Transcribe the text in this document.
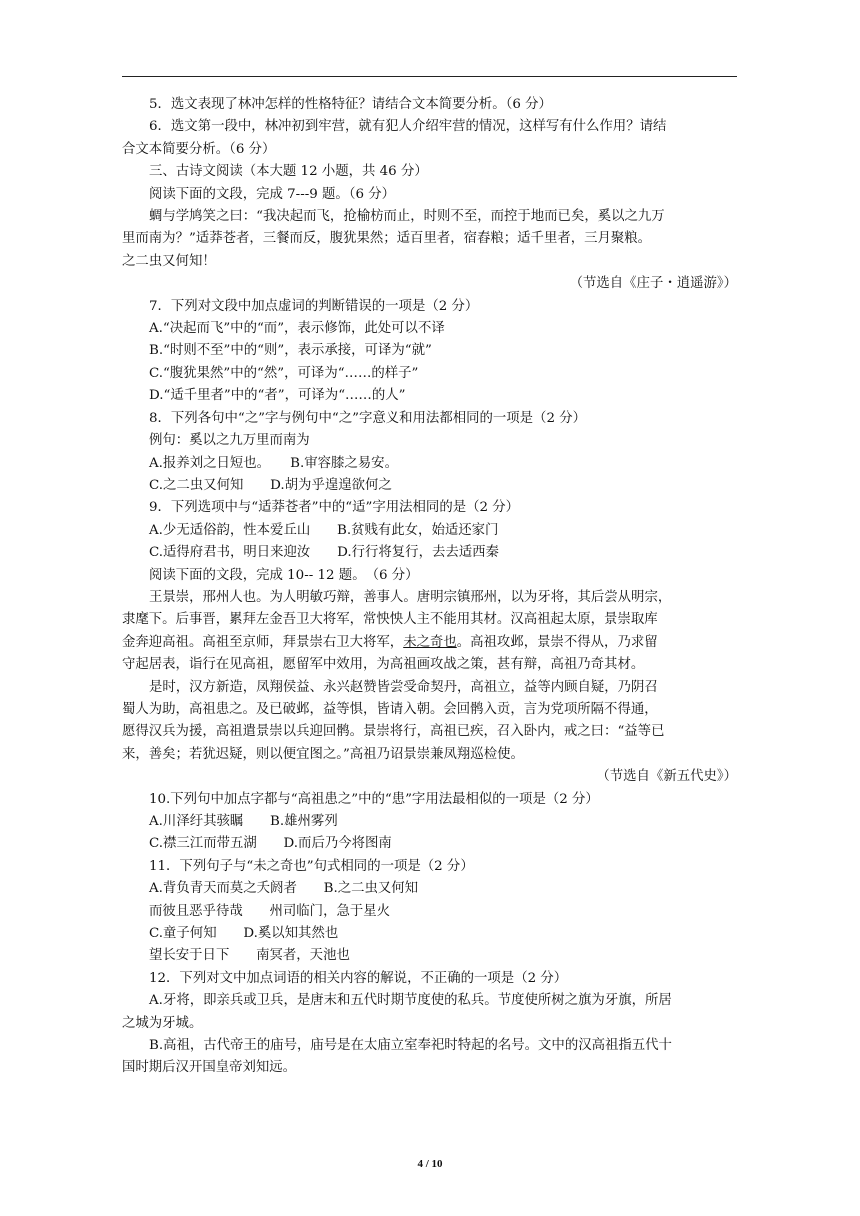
5．选文表现了林冲怎样的性格特征？请结合文本简要分析。（6 分）
6．选文第一段中，林冲初到牢营，就有犯人介绍牢营的情况，这样写有什么作用？请结
合文本简要分析。（6 分）
三、古诗文阅读（本大题 12 小题，共 46 分）
阅读下面的文段，完成 7---9 题。（6 分）
蜩与学鸠笑之曰：“我决起而飞，抢榆枋而止，时则不至，而控于地而已矣，奚以之九万
里而南为？”适莽苍者，三餐而反，腹犹果然；适百里者，宿舂粮；适千里者，三月聚粮。
之二虫又何知！
（节选自《庄子・逍遥游》）
7．下列对文段中加点虚词的判断错误的一项是（2 分）
A.“决起而飞”中的“而”，表示修饰，此处可以不译
B.“时则不至”中的“则”，表示承接，可译为“就”
C.“腹犹果然”中的“然”，可译为“……的样子”
D.“适千里者”中的“者”，可译为“……的人”
8．下列各句中“之”字与例句中“之”字意义和用法都相同的一项是（2 分）
例句：奚以之九万里而南为
A.报养刘之日短也。　　B.审容膝之易安。
C.之二虫又何知　　D.胡为乎遑遑欲何之
9．下列选项中与“适莽苍者”中的“适”字用法相同的是（2 分）
A.少无适俗韵，性本爱丘山　　B.贫贱有此女，始适还家门
C.适得府君书，明日来迎汝　　D.行行将复行，去去适西秦
阅读下面的文段，完成 10-- 12 题。　（6 分）
王景崇，邢州人也。为人明敏巧辩，善事人。唐明宗镇邢州，以为牙将，其后尝从明宗，
隶麾下。后事晋，累拜左金吾卫大将军，常怏怏人主不能用其材。汉高祖起太原，景崇取库
金奔迎高祖。高祖至京师，拜景崇右卫大将军，未之奇也。高祖攻邺，景崇不得从，乃求留
守起居表，诣行在见高祖，愿留军中效用，为高祖画攻战之策，甚有辩，高祖乃奇其材。
是时，汉方新造，凤翔侯益、永兴赵赞皆尝受命契丹，高祖立，益等内顾自疑，乃阴召
蜀人为助，高祖患之。及已破邺，益等惧，皆请入朝。会回鹘入贡，言为党项所隔不得通，
愿得汉兵为援，高祖遣景崇以兵迎回鹘。景崇将行，高祖已疾，召入卧内，戒之曰：“益等已
来，善矣；若犹迟疑，则以便宜图之。”高祖乃诏景崇兼凤翔巡检使。
（节选自《新五代史》）
10.下列句中加点字都与“高祖患之”中的“患”字用法最相似的一项是（2 分）
A.川泽纡其骇瞩　　B.雄州雾列
C.襟三江而带五湖　　D.而后乃今将图南
11．下列句子与“未之奇也”句式相同的一项是（2 分）
A.背负青天而莫之夭阏者　　B.之二虫又何知
而彼且恶乎待哉　　州司临门，急于星火
C.童子何知　　D.奚以知其然也
望长安于日下　　南冥者，天池也
12．下列对文中加点词语的相关内容的解说，不正确的一项是（2 分）
A.牙将，即亲兵或卫兵，是唐末和五代时期节度使的私兵。节度使所树之旗为牙旗，所居
之城为牙城。
B.高祖，古代帝王的庙号，庙号是在太庙立室奉祀时特起的名号。文中的汉高祖指五代十
国时期后汉开国皇帝刘知远。
4 / 10
